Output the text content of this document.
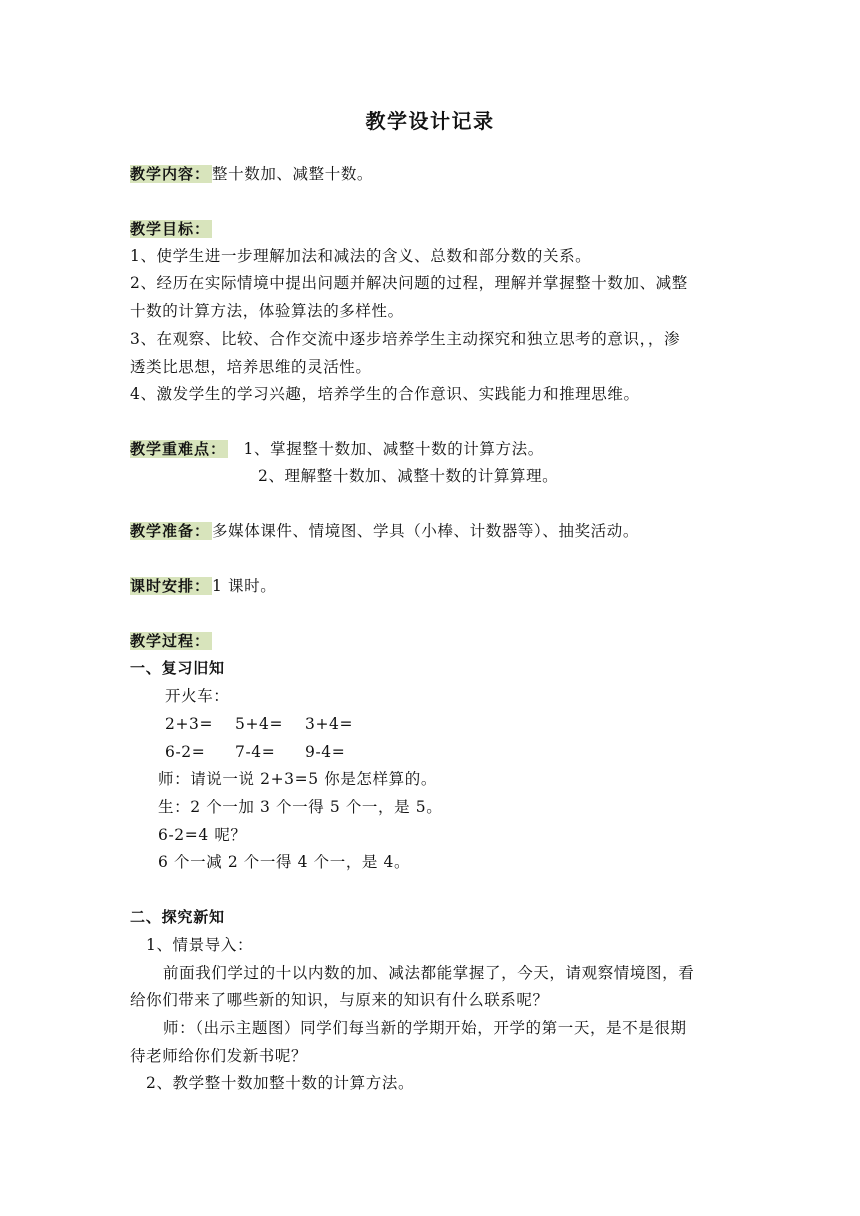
教学设计记录
教学内容： 整十数加、减整十数。
教学目标：
1、使学生进一步理解加法和减法的含义、总数和部分数的关系。
2、经历在实际情境中提出问题并解决问题的过程，理解并掌握整十数加、减整
十数的计算方法，体验算法的多样性。
3、在观察、比较、合作交流中逐步培养学生主动探究和独立思考的意识，，渗
透类比思想，培养思维的灵活性。
4、激发学生的学习兴趣，培养学生的合作意识、实践能力和推理思维。
教学重难点： 1、掌握整十数加、减整十数的计算方法。
2、理解整十数加、减整十数的计算算理。
教学准备： 多媒体课件、情境图、学具（小棒、计数器等）、抽奖活动。
课时安排： 1 课时。
教学过程：
一、复习旧知
开火车：
2+3= 5+4= 3+4=
6-2= 7-4= 9-4=
师：请说一说 2+3=5 你是怎样算的。
生：2 个一加 3 个一得 5 个一，是 5。
6-2=4 呢？
6 个一减 2 个一得 4 个一，是 4。
二、探究新知
1、情景导入：
前面我们学过的十以内数的加、减法都能掌握了，今天，请观察情境图，看
给你们带来了哪些新的知识，与原来的知识有什么联系呢？
师：（出示主题图）同学们每当新的学期开始，开学的第一天，是不是很期
待老师给你们发新书呢？
2、教学整十数加整十数的计算方法。
